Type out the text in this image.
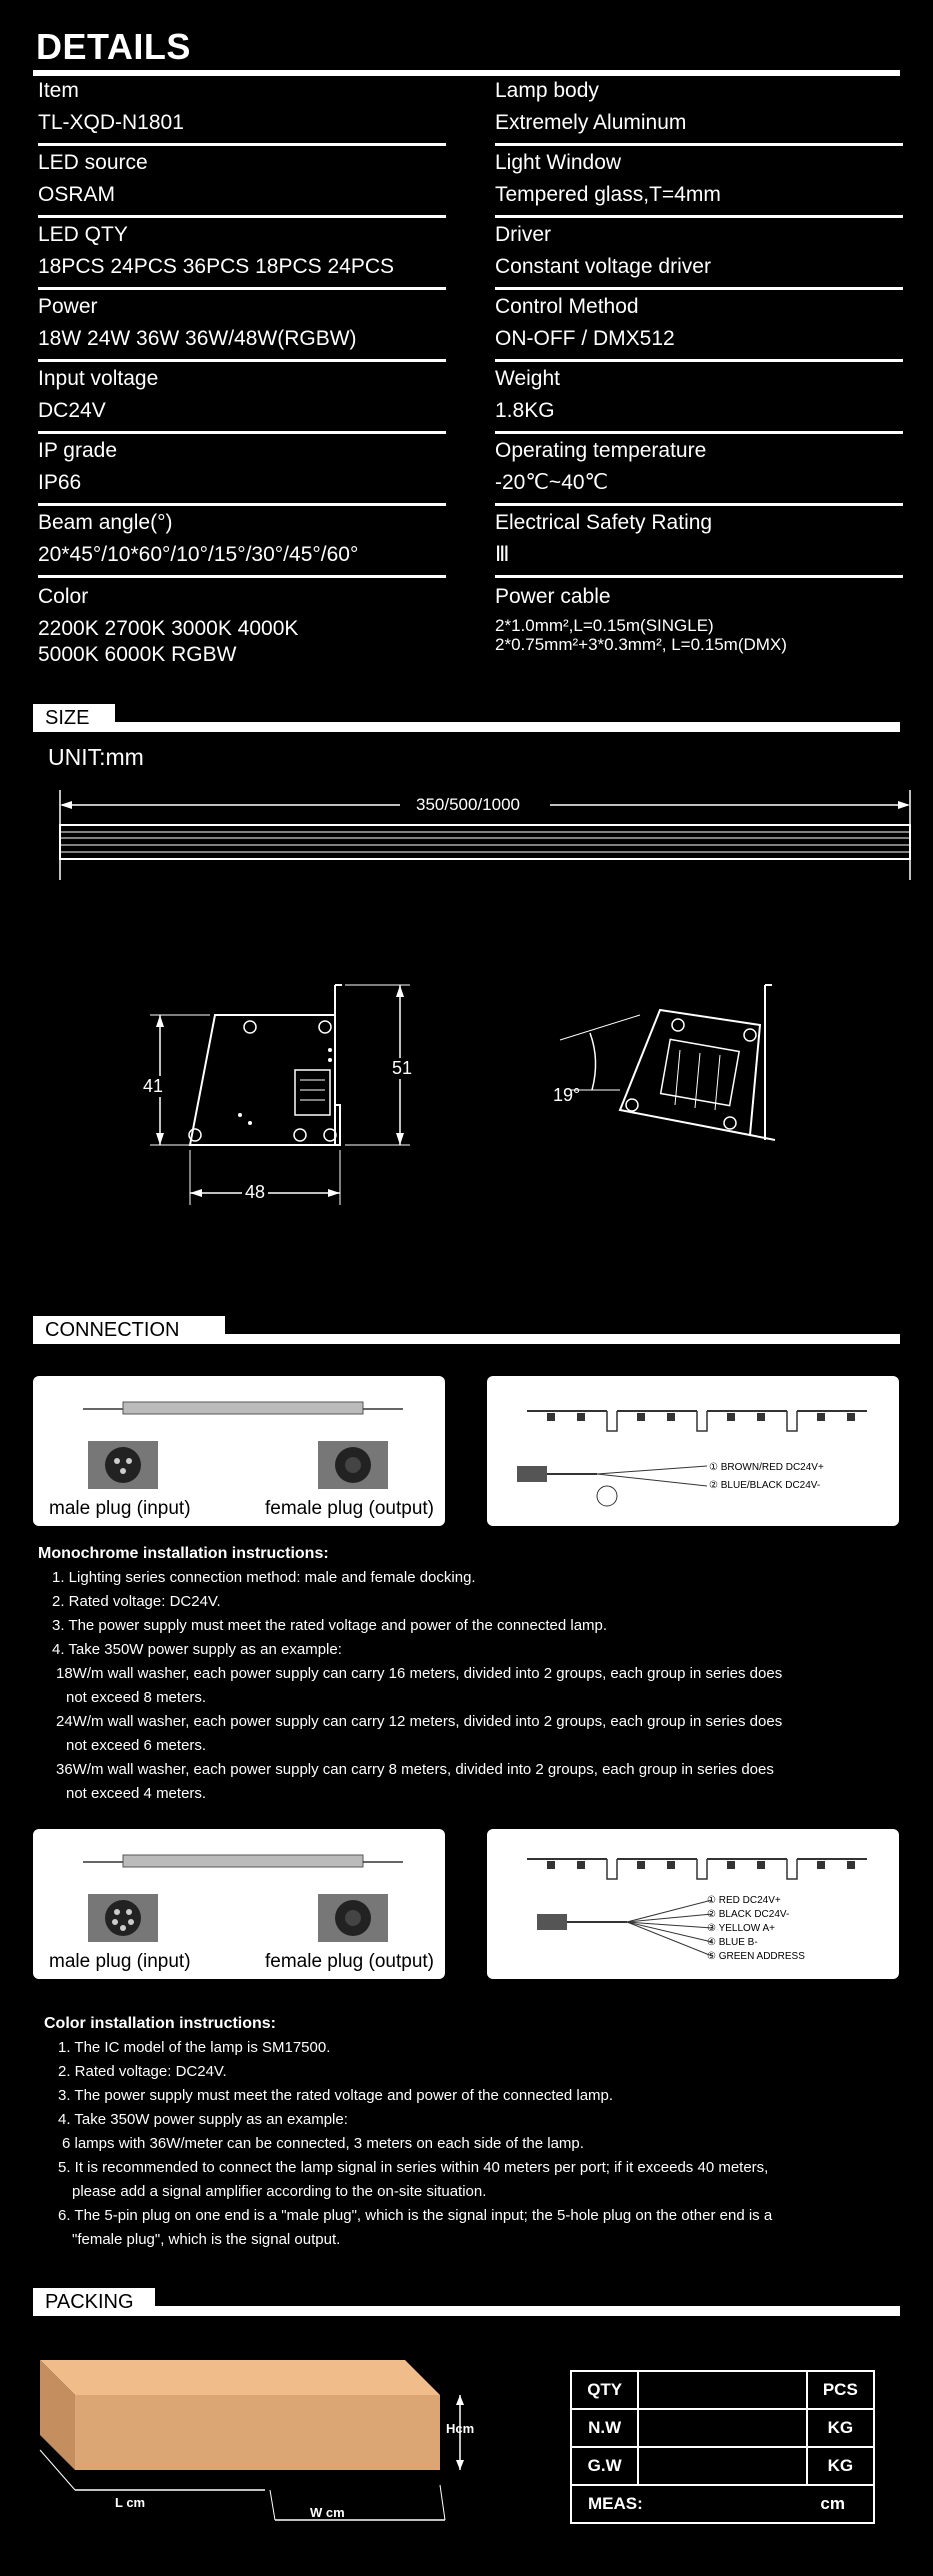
DETAILS
Item
TL-XQD-N1801
LED source
OSRAM
LED QTY
18PCS 24PCS 36PCS 18PCS 24PCS
Power
18W 24W 36W 36W/48W(RGBW)
Input voltage
DC24V
IP grade
IP66
Beam angle(°)
20*45°/10*60°/10°/15°/30°/45°/60°
Color
2200K 2700K 3000K 4000K
5000K 6000K RGBW
Lamp body
Extremely Aluminum
Light Window
Tempered glass,T=4mm
Driver
Constant voltage driver
Control Method
ON-OFF / DMX512
Weight
1.8KG
Operating temperature
-20℃~40℃
Electrical Safety Rating
Ⅲ
Power cable
2*1.0mm²,L=0.15m(SINGLE)
2*0.75mm²+3*0.3mm², L=0.15m(DMX)
SIZE
UNIT:mm
350/500/1000
41
51
48
19°
CONNECTION
male plug (input)	female plug (output)
① BROWN/RED DC24V+
② BLUE/BLACK DC24V-
Monochrome installation instructions:
1. Lighting series connection method: male and female docking.
2. Rated voltage: DC24V.
3. The power supply must meet the rated voltage and power of the connected lamp.
4. Take 350W power supply as an example:
18W/m wall washer, each power supply can carry 16 meters, divided into 2 groups, each group in series does
not exceed 8 meters.
24W/m wall washer, each power supply can carry 12 meters, divided into 2 groups, each group in series does
not exceed 6 meters.
36W/m wall washer, each power supply can carry 8 meters, divided into 2 groups, each group in series does
not exceed 4 meters.
male plug (input)	female plug (output)
① RED DC24V+
② BLACK DC24V-
③ YELLOW A+
④ BLUE B-
⑤ GREEN ADDRESS
Color installation instructions:
1. The IC model of the lamp is SM17500.
2. Rated voltage: DC24V.
3. The power supply must meet the rated voltage and power of the connected lamp.
4. Take 350W power supply as an example:
6 lamps with 36W/meter can be connected, 3 meters on each side of the lamp.
5. It is recommended to connect the lamp signal in series within 40 meters per port; if it exceeds 40 meters,
please add a signal amplifier according to the on-site situation.
6. The 5-pin plug on one end is a "male plug", which is the signal input; the 5-hole plug on the other end is a
"female plug", which is the signal output.
PACKING
Hcm
L cm
W cm
QTY		PCS
N.W		KG
G.W		KG
MEAS: cm		
